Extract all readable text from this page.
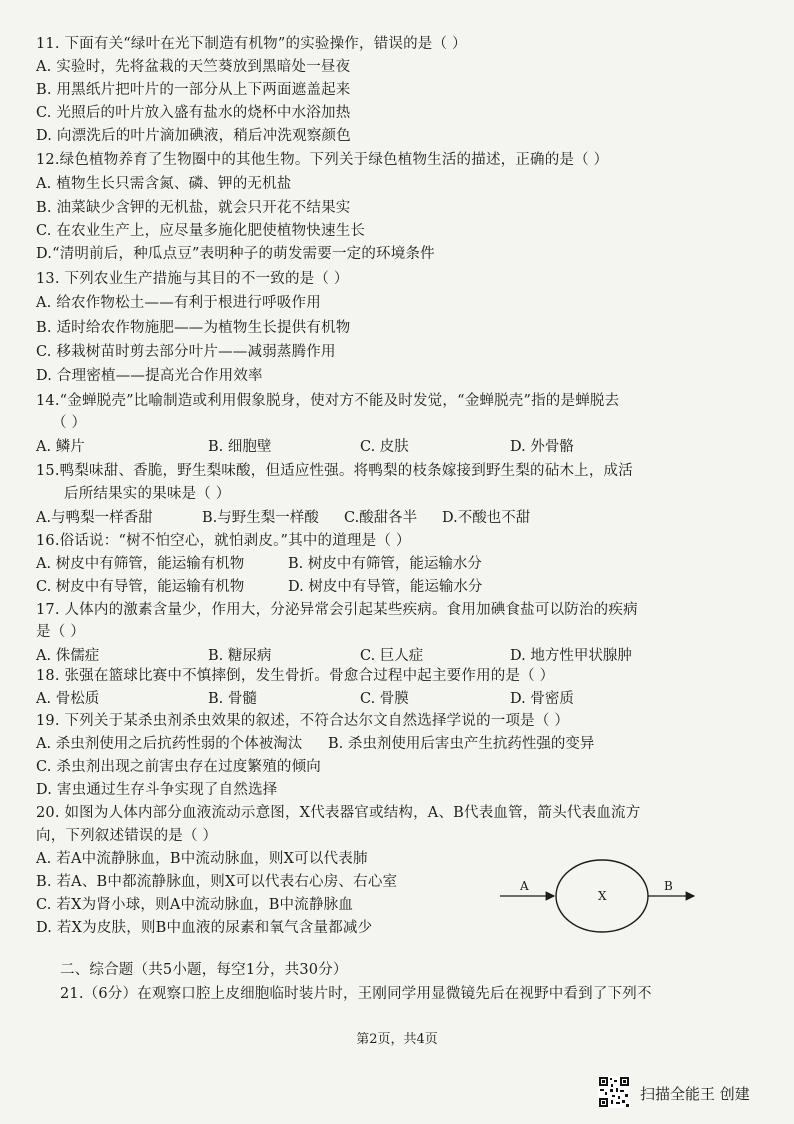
11. 下面有关“绿叶在光下制造有机物”的实验操作，错误的是（ ）
A. 实验时，先将盆栽的天竺葵放到黑暗处一昼夜
B. 用黑纸片把叶片的一部分从上下两面遮盖起来
C. 光照后的叶片放入盛有盐水的烧杯中水浴加热
D. 向漂洗后的叶片滴加碘液，稍后冲洗观察颜色
12.绿色植物养育了生物圈中的其他生物。下列关于绿色植物生活的描述，正确的是（ ）
A. 植物生长只需含氮、磷、钾的无机盐
B. 油菜缺少含钾的无机盐，就会只开花不结果实
C. 在农业生产上，应尽量多施化肥使植物快速生长
D.“清明前后，种瓜点豆”表明种子的萌发需要一定的环境条件
13. 下列农业生产措施与其目的不一致的是（ ）
A. 给农作物松土——有利于根进行呼吸作用
B. 适时给农作物施肥——为植物生长提供有机物
C. 移栽树苗时剪去部分叶片——减弱蒸腾作用
D. 合理密植——提高光合作用效率
14.“金蝉脱壳”比喻制造或利用假象脱身，使对方不能及时发觉，“金蝉脱壳”指的是蝉脱去
（ ）
A. 鳞片	B. 细胞壁	C. 皮肤	D. 外骨骼
15.鸭梨味甜、香脆，野生梨味酸，但适应性强。将鸭梨的枝条嫁接到野生梨的砧木上，成活
后所结果实的果味是（ ）
A.与鸭梨一样香甜	B.与野生梨一样酸 C.酸甜各半 D.不酸也不甜
16.俗话说：“树不怕空心，就怕剥皮。”其中的道理是（ ）
A. 树皮中有筛管，能运输有机物	B. 树皮中有筛管，能运输水分
C. 树皮中有导管，能运输有机物	D. 树皮中有导管，能运输水分
17. 人体内的激素含量少，作用大，分泌异常会引起某些疾病。食用加碘食盐可以防治的疾病
是（ ）
A. 侏儒症	B. 糖尿病	C. 巨人症	D. 地方性甲状腺肿
18. 张强在篮球比赛中不慎摔倒，发生骨折。骨愈合过程中起主要作用的是（ ）
A. 骨松质	B. 骨髓	C. 骨膜	D. 骨密质
19. 下列关于某杀虫剂杀虫效果的叙述，不符合达尔文自然选择学说的一项是（ ）
A. 杀虫剂使用之后抗药性弱的个体被淘汰 B. 杀虫剂使用后害虫产生抗药性强的变异
C. 杀虫剂出现之前害虫存在过度繁殖的倾向
D. 害虫通过生存斗争实现了自然选择
20. 如图为人体内部分血液流动示意图，X代表器官或结构，A、B代表血管，箭头代表血流方
向，下列叙述错误的是（ ）
A. 若A中流静脉血，B中流动脉血，则X可以代表肺
B. 若A、B中都流静脉血，则X可以代表右心房、右心室
C. 若X为肾小球，则A中流动脉血，B中流静脉血
D. 若X为皮肤，则B中血液的尿素和氧气含量都减少
A
X
B
二、综合题（共5小题，每空1分，共30分）
21.（6分）在观察口腔上皮细胞临时装片时，王刚同学用显微镜先后在视野中看到了下列不
第2页，共4页
扫描全能王 创建
